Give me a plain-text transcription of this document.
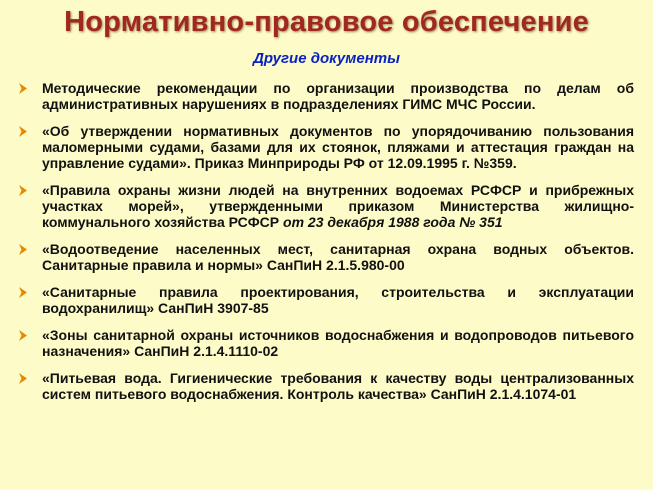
Нормативно-правовое обеспечение
Другие документы
Методические рекомендации по организации производства по делам об административных нарушениях в подразделениях ГИМС МЧС России.
«Об утверждении нормативных документов по упорядочиванию пользования маломерными судами, базами для их стоянок, пляжами и аттестация граждан на управление судами». Приказ Минприроды РФ от 12.09.1995 г. №359.
«Правила охраны жизни людей на внутренних водоемах РСФСР и прибрежных участках морей», утвержденными приказом Министерства жилищно-коммунального хозяйства РСФСР от 23 декабря 1988 года № 351
«Водоотведение населенных мест, санитарная охрана водных объектов. Санитарные правила и нормы» СанПиН 2.1.5.980-00
«Санитарные правила проектирования, строительства и эксплуатации водохранилищ» СанПиН 3907-85
«Зоны санитарной охраны источников водоснабжения и водопроводов питьевого назначения» СанПиН 2.1.4.1110-02
«Питьевая вода. Гигиенические требования к качеству воды централизованных систем питьевого водоснабжения. Контроль качества» СанПиН 2.1.4.1074-01
